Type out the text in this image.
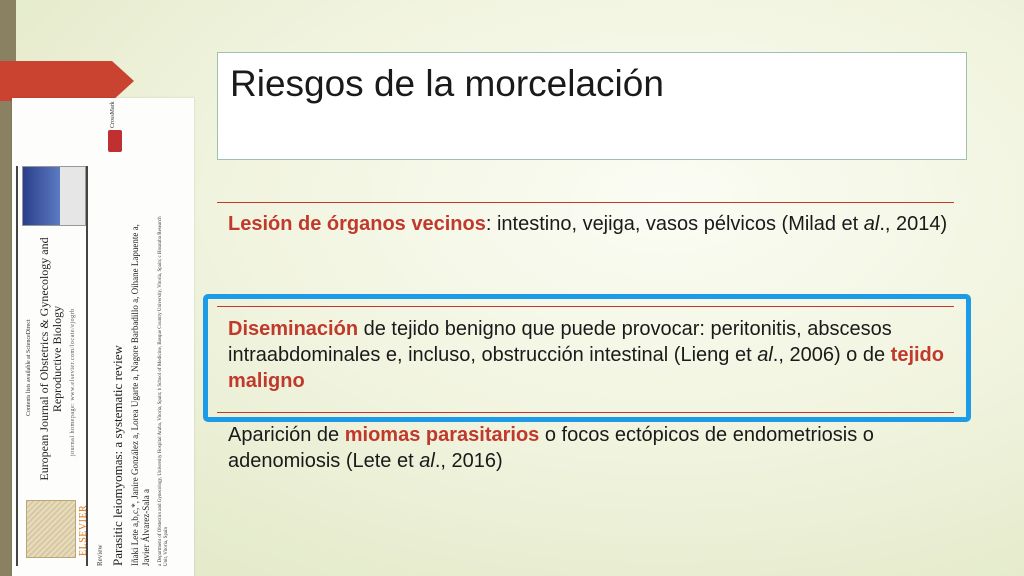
ELSEVIER
Contents lists available at ScienceDirect European Journal of Obstetrics & Gynecology and Reproductive Biology journal homepage: www.elsevier.com/locate/ejogrb
Review Parasitic leiomyomas: a systematic review Iñaki Lete a,b,c,*, Janire González a, Lorea Ugarte a, Nagore Barbadillo a, Oihane Lapuente a, Javier Álvarez-Sala a a Department of Obstetrics and Gynecology, University Hospital Araba, Vitoria, Spain; b School of Medicine, Basque Country University, Vitoria, Spain; c Bioaraba Research Unit, Vitoria, Spain
CrossMark
Riesgos de la morcelación
Lesión de órganos vecinos: intestino, vejiga, vasos pélvicos (Milad et al., 2014)
Diseminación de tejido benigno que puede provocar: peritonitis, abscesos intraabdominales e, incluso, obstrucción intestinal (Lieng et al., 2006) o de tejido maligno
Aparición de miomas parasitarios o focos ectópicos de endometriosis o adenomiosis (Lete et al., 2016)
